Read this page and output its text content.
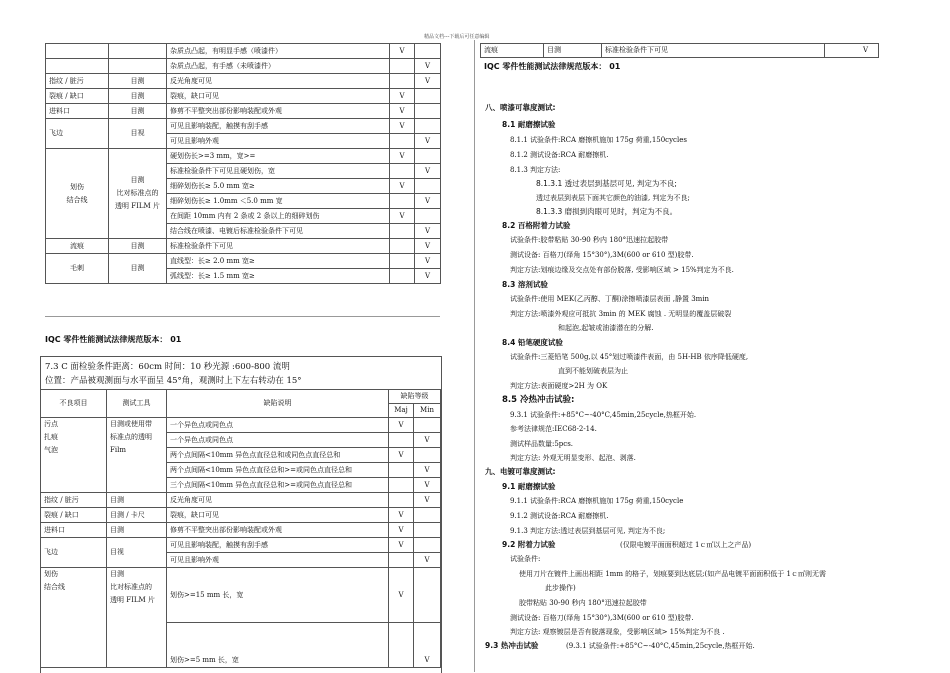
精品文档---下载后可任意编辑
		杂质点凸起，有明显手感（喷漆件）	V	
		杂质点凸起，有手感（未喷漆件）		V
指纹 / 脏污	目测	反光角度可见		V
裂痕 / 缺口	目测	裂痕，缺口可见	V	
进料口	目测	修剪不平整突出部份影响装配或外观	V	
飞边	目视	可见且影响装配，触摸有刮手感	V	
		可见且影响外观		V
划伤
结合线	目测
比对标准点的
透明 FILM 片	硬划伤长>=3 mm，宽>=	V	
		标准检验条件下可见且硬划伤，宽		V
		细碎划伤长≥ 5.0 mm 宽≥	V	
		细碎划伤长≥ 1.0mm ＜5.0 mm 宽		V
		在间距 10mm 内有 2 条或 2 条以上的细碎划伤	V	
		结合线在喷漆、电镀后标准检验条件下可见		V
流痕	目测	标准检验条件下可见		V
毛刺	目测	直线型：长≥ 2.0 mm 宽≥		V
		弧线型：长≥ 1.5 mm 宽≥		V
IQC 零件性能测试法律规范版本： 01
7.3 C 面检验条件距离：60cm 时间：10 秒光源 :600-800 流明
位置：产品被观测面与水平面呈 45°角，观测时上下左右转动在 15°
不良项目	测试工具	缺陷说明	缺陷等级	
			Maj	Min
污点
扎痕
气泡	目测或使用带
标准点的透明
Film	一个异色点或同色点	V	
		一个异色点或同色点		V
		两个点间隔<10mm 异色点直径总和或同色点直径总和	V	
		两个点间隔<10mm 异色点直径总和>=或同色点直径总和		V
		三个点间隔<10mm 异色点直径总和>=或同色点直径总和		V
指纹 / 脏污	目测	反光角度可见		V
裂痕 / 缺口	目测 / 卡尺	裂痕，缺口可见	V	
进料口	目测	修剪不平整突出部份影响装配或外观	V	
飞边	目视	可见且影响装配，触摸有刮手感	V	
		可见且影响外观		V
划伤
结合线	目测
比对标准点的
透明 FILM 片	划伤>=15 mm 长，宽	V	
		划伤>=5 mm 长，宽		V
流痕	目测	标准检验条件下可见	V
IQC 零件性能测试法律规范版本： 01
八、喷漆可靠度测试:
8.1 耐磨擦试验
8.1.1 试验条件:RCA 磨擦机施加 175g 荷重,150cycles
8.1.2 测试设备:RCA 耐磨擦机.
8.1.3 判定方法:
8.1.3.1 透过表层到基层可见, 判定为不良;
透过表层到表层下面其它颜色的油漆, 判定为不良;
8.1.3.3 磨损到肉眼可见时，判定为不良。
8.2 百格附着力试验
试验条件:胶带粘贴 30-90 秒内 180°迅速拉起胶带
测试设备: 百格刀(绎角 15°30°),3M(600 or 610 型)胶带.
判定方法:划痕边缘及交点处有部份脱落, 受影响区域 > 15%判定为不良.
8.3 溶剂试验
试验条件:使用 MEK(乙丙醇、丁酮)涂擦喷漆层表面 ,静置 3min
判定方法:喷漆外观应可抵抗 3min 的 MEK 腐蚀 . 无明显的覆盖层破裂
和起泡,起皱或油漆潜在的分解.
8.4 铅笔硬度试验
试验条件:三菱铅笔 500g,以 45°划过喷漆件表面，由 5H-HB 依序降低硬度,
直到不能划破表层为止
判定方法:表面硬度>2H 为 OK
8.5 冷热冲击试验:
9.3.1 试验条件:+85°C~-40°C,45min,25cycle,热框开始.
参考法律规范:IEC68-2-14.
测试样品数量:5pcs.
判定方法: 外观无明显变形、起泡、剥落.
九、电镀可靠度测试:
9.1 耐磨擦试验
9.1.1 试验条件:RCA 磨擦机施加 175g 荷重,150cycle
9.1.2 测试设备:RCA 耐磨擦机.
9.1.3 判定方法:透过表层到基层可见, 判定为不良;
9.2 附着力试验	(仅限电镀平面面积超过 1ｃ㎡以上之产品)
试验条件:
使用刀片在镀件上画出相距 1mm 的格子，划痕要到达底层;(如产品电镀平面面积低于 1ｃ㎡则无需
此步操作)
胶带粘贴 30-90 秒内 180°迅速拉起胶带
测试设备: 百格刀(绎角 15°30°),3M(600 or 610 型)胶带.
判定方法: 观察镀层是否有脱落现象，受影响区域> 15%判定为不良 .
9.3 热冲击试验	(9.3.1 试验条件:+85°C~-40°C,45min,25cycle,热框开始.
